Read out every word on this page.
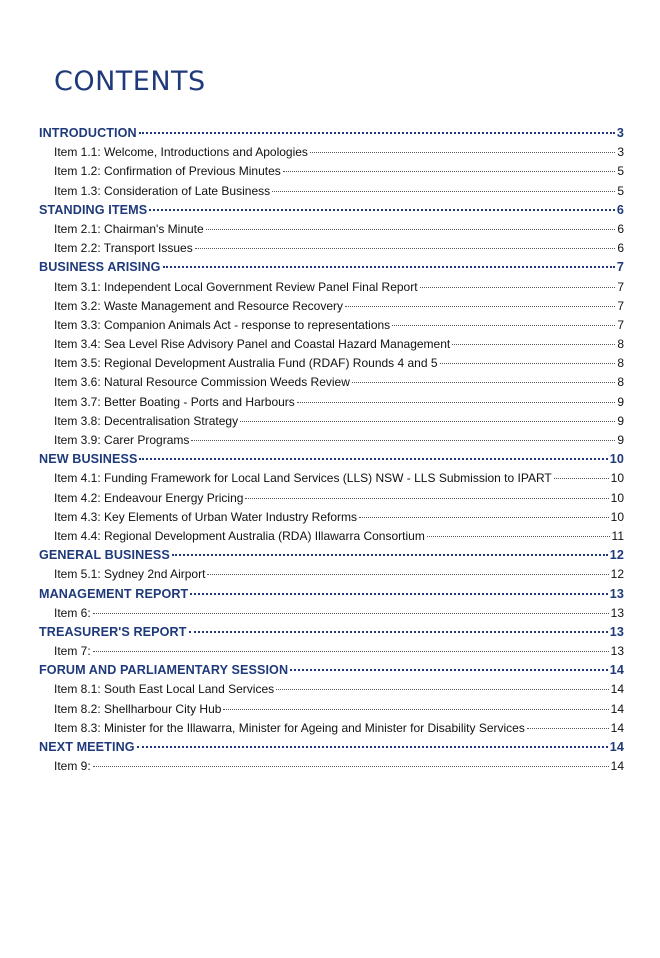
CONTENTS
INTRODUCTION	3
Item 1.1: Welcome, Introductions and Apologies	3
Item 1.2: Confirmation of Previous Minutes	5
Item 1.3: Consideration of Late Business	5
STANDING ITEMS	6
Item 2.1: Chairman's Minute	6
Item 2.2: Transport Issues	6
BUSINESS ARISING	7
Item 3.1: Independent Local Government Review Panel Final Report	7
Item 3.2: Waste Management and Resource Recovery	7
Item 3.3: Companion Animals Act - response to representations	7
Item 3.4: Sea Level Rise Advisory Panel and Coastal Hazard Management	8
Item 3.5: Regional Development Australia Fund (RDAF) Rounds 4 and 5	8
Item 3.6: Natural Resource Commission Weeds Review	8
Item 3.7: Better Boating - Ports and Harbours	9
Item 3.8: Decentralisation Strategy	9
Item 3.9: Carer Programs	9
NEW BUSINESS	10
Item 4.1: Funding Framework for Local Land Services (LLS) NSW - LLS Submission to IPART	10
Item 4.2: Endeavour Energy Pricing	10
Item 4.3: Key Elements of Urban Water Industry Reforms	10
Item 4.4: Regional Development Australia (RDA) Illawarra Consortium	11
GENERAL BUSINESS	12
Item 5.1: Sydney 2nd Airport	12
MANAGEMENT REPORT	13
Item 6:	13
TREASURER'S REPORT	13
Item 7:	13
FORUM AND PARLIAMENTARY SESSION	14
Item 8.1: South East Local Land Services	14
Item 8.2: Shellharbour City Hub	14
Item 8.3: Minister for the Illawarra, Minister for Ageing and Minister for Disability Services	14
NEXT MEETING	14
Item 9:	14
